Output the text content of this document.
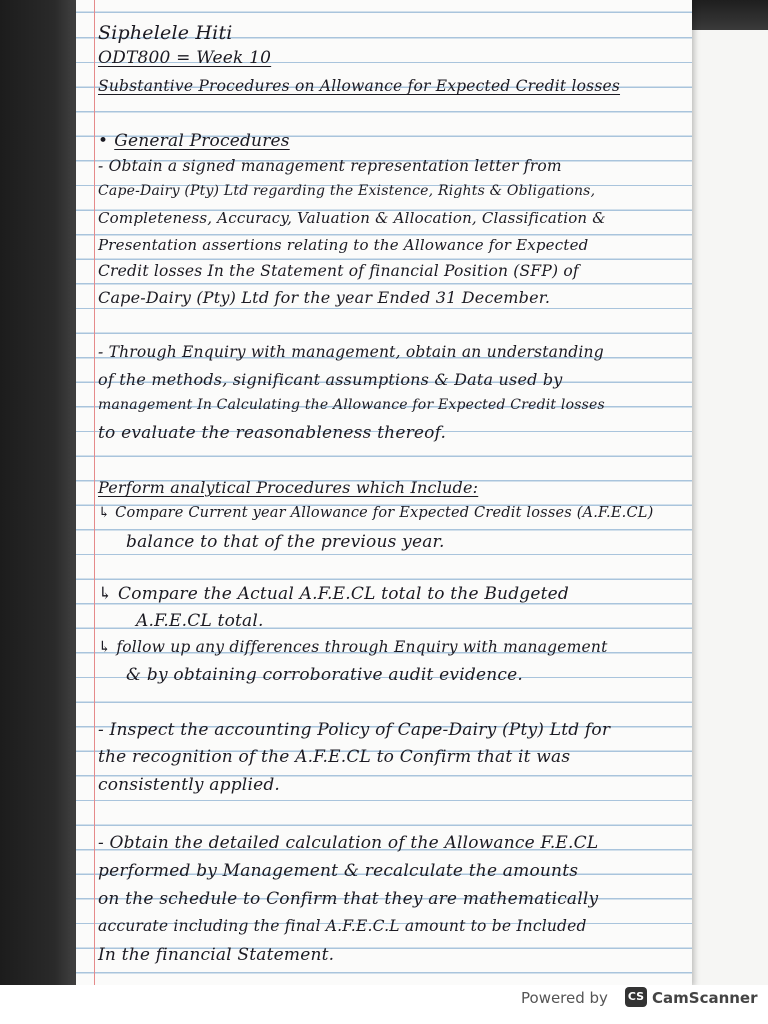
Siphelele Hiti
ODT800 = Week 10
Substantive Procedures on Allowance for Expected Credit losses
• General Procedures
- Obtain a signed management representation letter from
Cape-Dairy (Pty) Ltd regarding the Existence, Rights & Obligations,
Completeness, Accuracy, Valuation & Allocation, Classification &
Presentation assertions relating to the Allowance for Expected
Credit losses In the Statement of financial Position (SFP) of
Cape-Dairy (Pty) Ltd for the year Ended 31 December.
- Through Enquiry with management, obtain an understanding
of the methods, significant assumptions & Data used by
management In Calculating the Allowance for Expected Credit losses
to evaluate the reasonableness thereof.
Perform analytical Procedures which Include:
↳ Compare Current year Allowance for Expected Credit losses (A.F.E.CL)
balance to that of the previous year.
↳ Compare the Actual A.F.E.CL total to the Budgeted
A.F.E.CL total.
↳ follow up any differences through Enquiry with management
& by obtaining corroborative audit evidence.
- Inspect the accounting Policy of Cape-Dairy (Pty) Ltd for
the recognition of the A.F.E.CL to Confirm that it was
consistently applied.
- Obtain the detailed calculation of the Allowance F.E.CL
performed by Management & recalculate the amounts
on the schedule to Confirm that they are mathematically
accurate including the final A.F.E.C.L amount to be Included
In the financial Statement.
Powered by CS CamScanner
